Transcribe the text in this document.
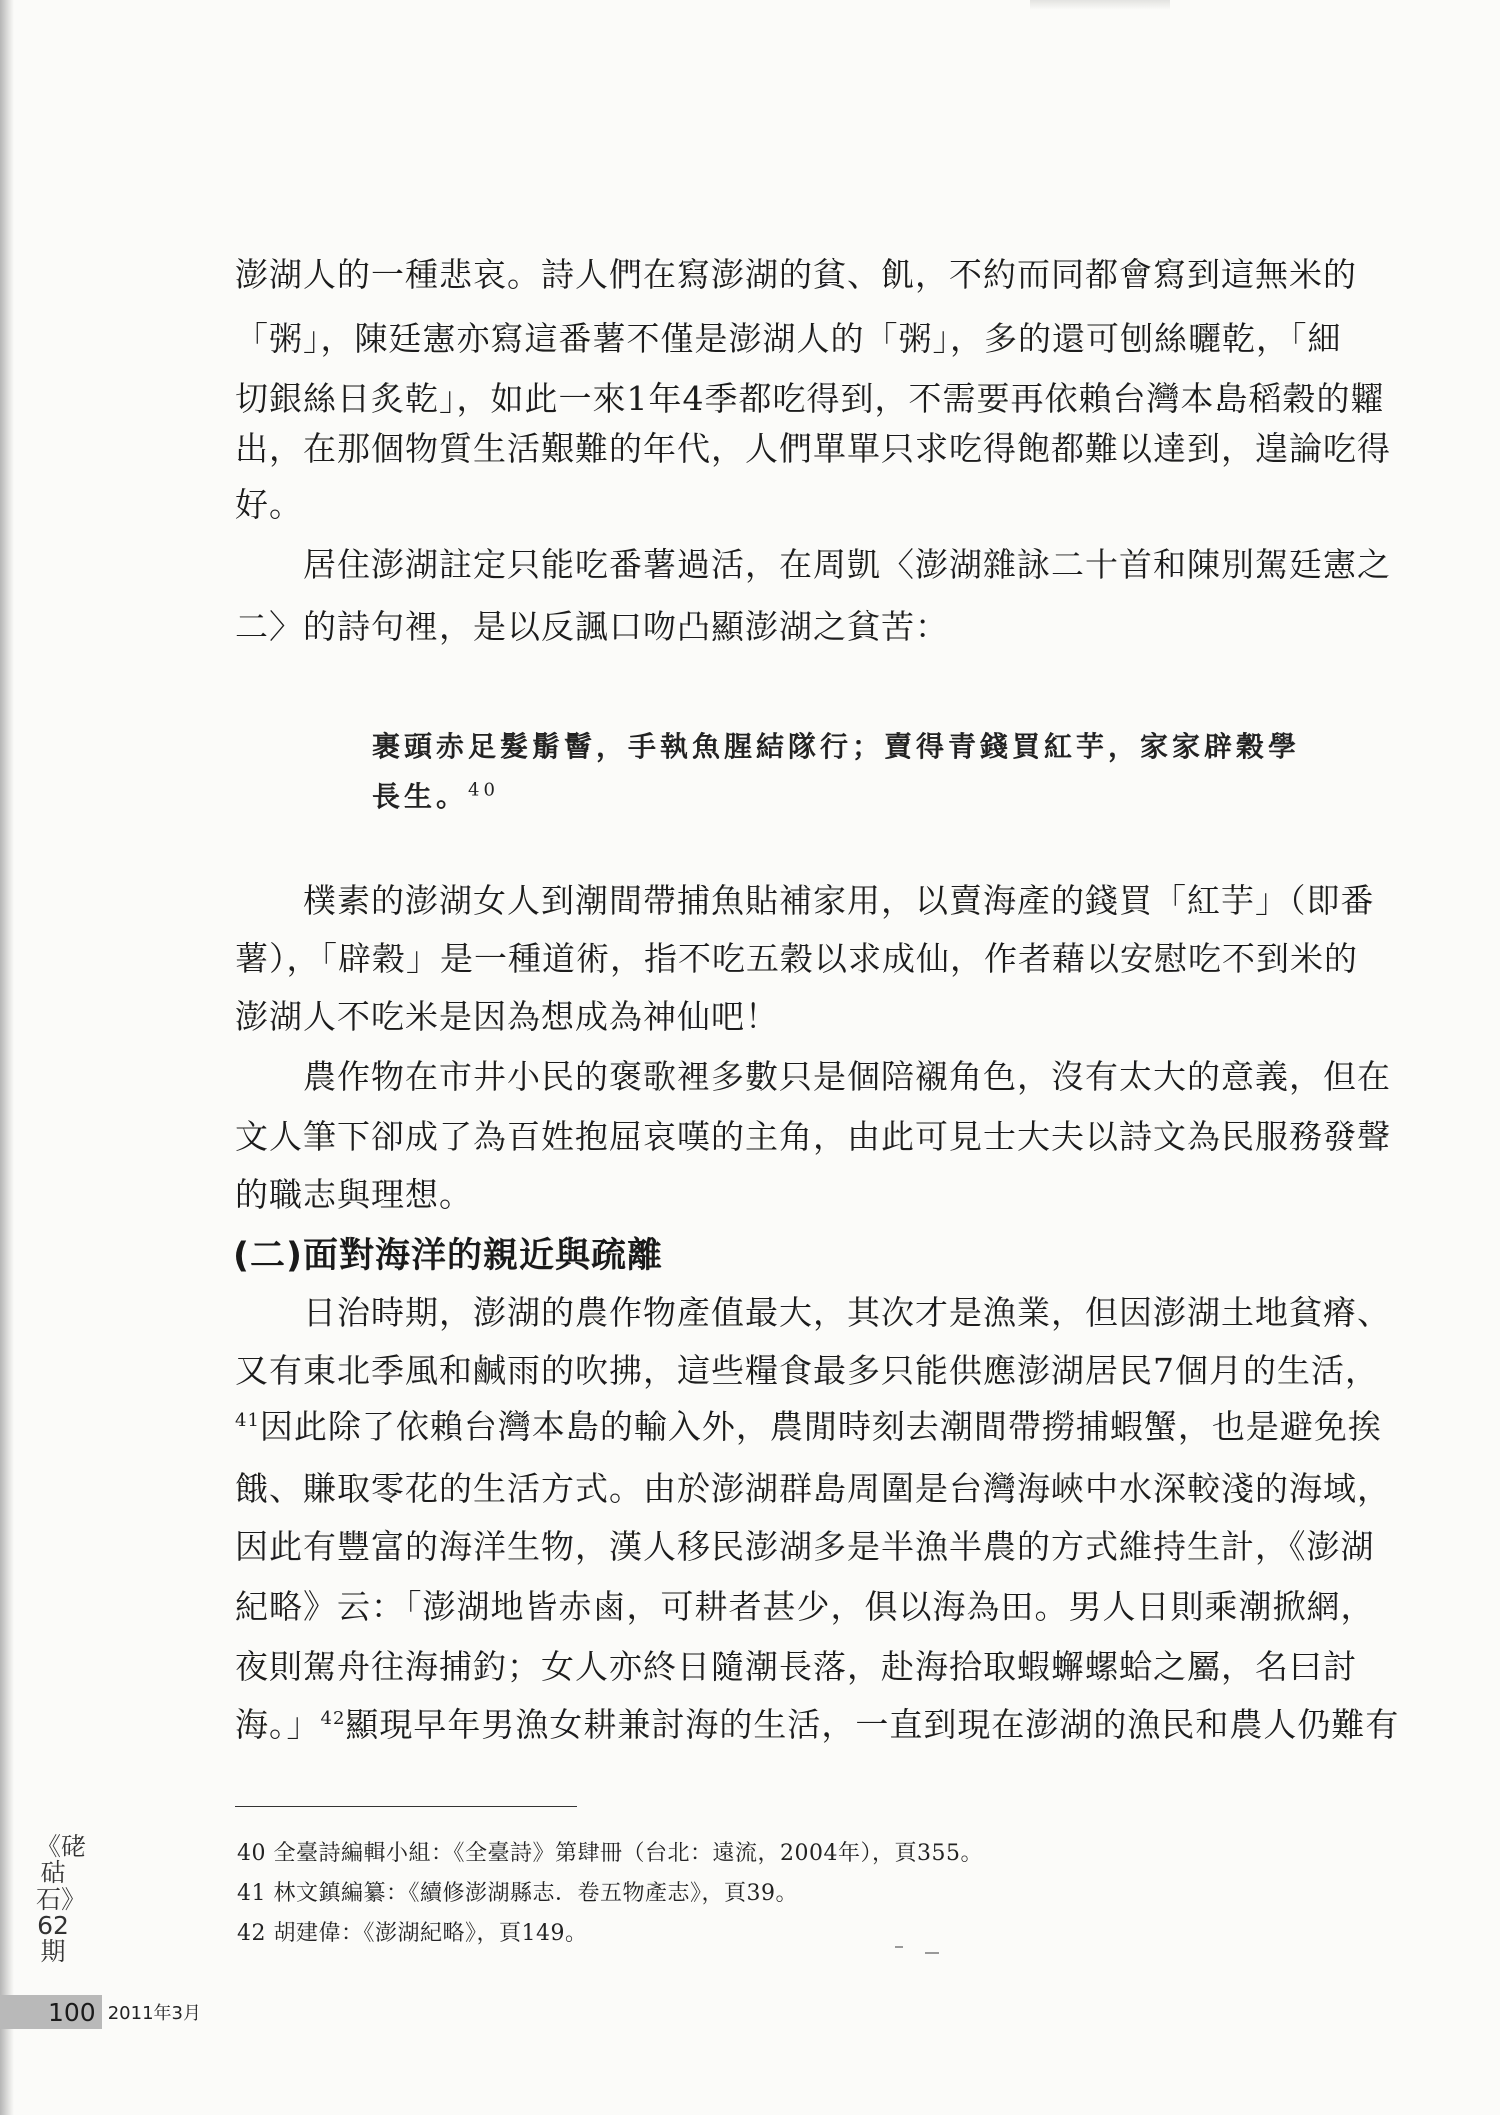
澎湖人的一種悲哀。詩人們在寫澎湖的貧、飢，不約而同都會寫到這無米的
「粥」，陳廷憲亦寫這番薯不僅是澎湖人的「粥」，多的還可刨絲曬乾，「細
切銀絲日炙乾」，如此一來1年4季都吃得到，不需要再依賴台灣本島稻穀的糶
出，在那個物質生活艱難的年代，人們單單只求吃得飽都難以達到，遑論吃得
好。
居住澎湖註定只能吃番薯過活，在周凱〈澎湖雜詠二十首和陳別駕廷憲之
二〉的詩句裡，是以反諷口吻凸顯澎湖之貧苦：
裹頭赤足髮鬅鬙，手執魚腥結隊行；賣得青錢買紅芋，家家辟穀學
長生。$^{40}$
樸素的澎湖女人到潮間帶捕魚貼補家用，以賣海產的錢買「紅芋」（即番
薯），「辟穀」是一種道術，指不吃五穀以求成仙，作者藉以安慰吃不到米的
澎湖人不吃米是因為想成為神仙吧！
農作物在市井小民的褒歌裡多數只是個陪襯角色，沒有太大的意義，但在
文人筆下卻成了為百姓抱屈哀嘆的主角，由此可見士大夫以詩文為民服務發聲
的職志與理想。
(二)面對海洋的親近與疏離
日治時期，澎湖的農作物產值最大，其次才是漁業，但因澎湖土地貧瘠、
又有東北季風和鹹雨的吹拂，這些糧食最多只能供應澎湖居民7個月的生活，
$^{41}$因此除了依賴台灣本島的輸入外，農閒時刻去潮間帶撈捕蝦蟹，也是避免挨
餓、賺取零花的生活方式。由於澎湖群島周圍是台灣海峽中水深較淺的海域，
因此有豐富的海洋生物，漢人移民澎湖多是半漁半農的方式維持生計，《澎湖
紀略》云：「澎湖地皆赤鹵，可耕者甚少，俱以海為田。男人日則乘潮掀網，
夜則駕舟往海捕釣；女人亦終日隨潮長落，赴海拾取蝦蠏螺蛤之屬，名曰討
海。」$^{42}$顯現早年男漁女耕兼討海的生活，一直到現在澎湖的漁民和農人仍難有
40 全臺詩編輯小組：《全臺詩》第肆冊（台北：遠流，2004年），頁355。
41 林文鎮編纂：《續修澎湖縣志．卷五物產志》，頁39。
42 胡建偉：《澎湖紀略》，頁149。
《硓𥑮石》62期
100 2011年3月
